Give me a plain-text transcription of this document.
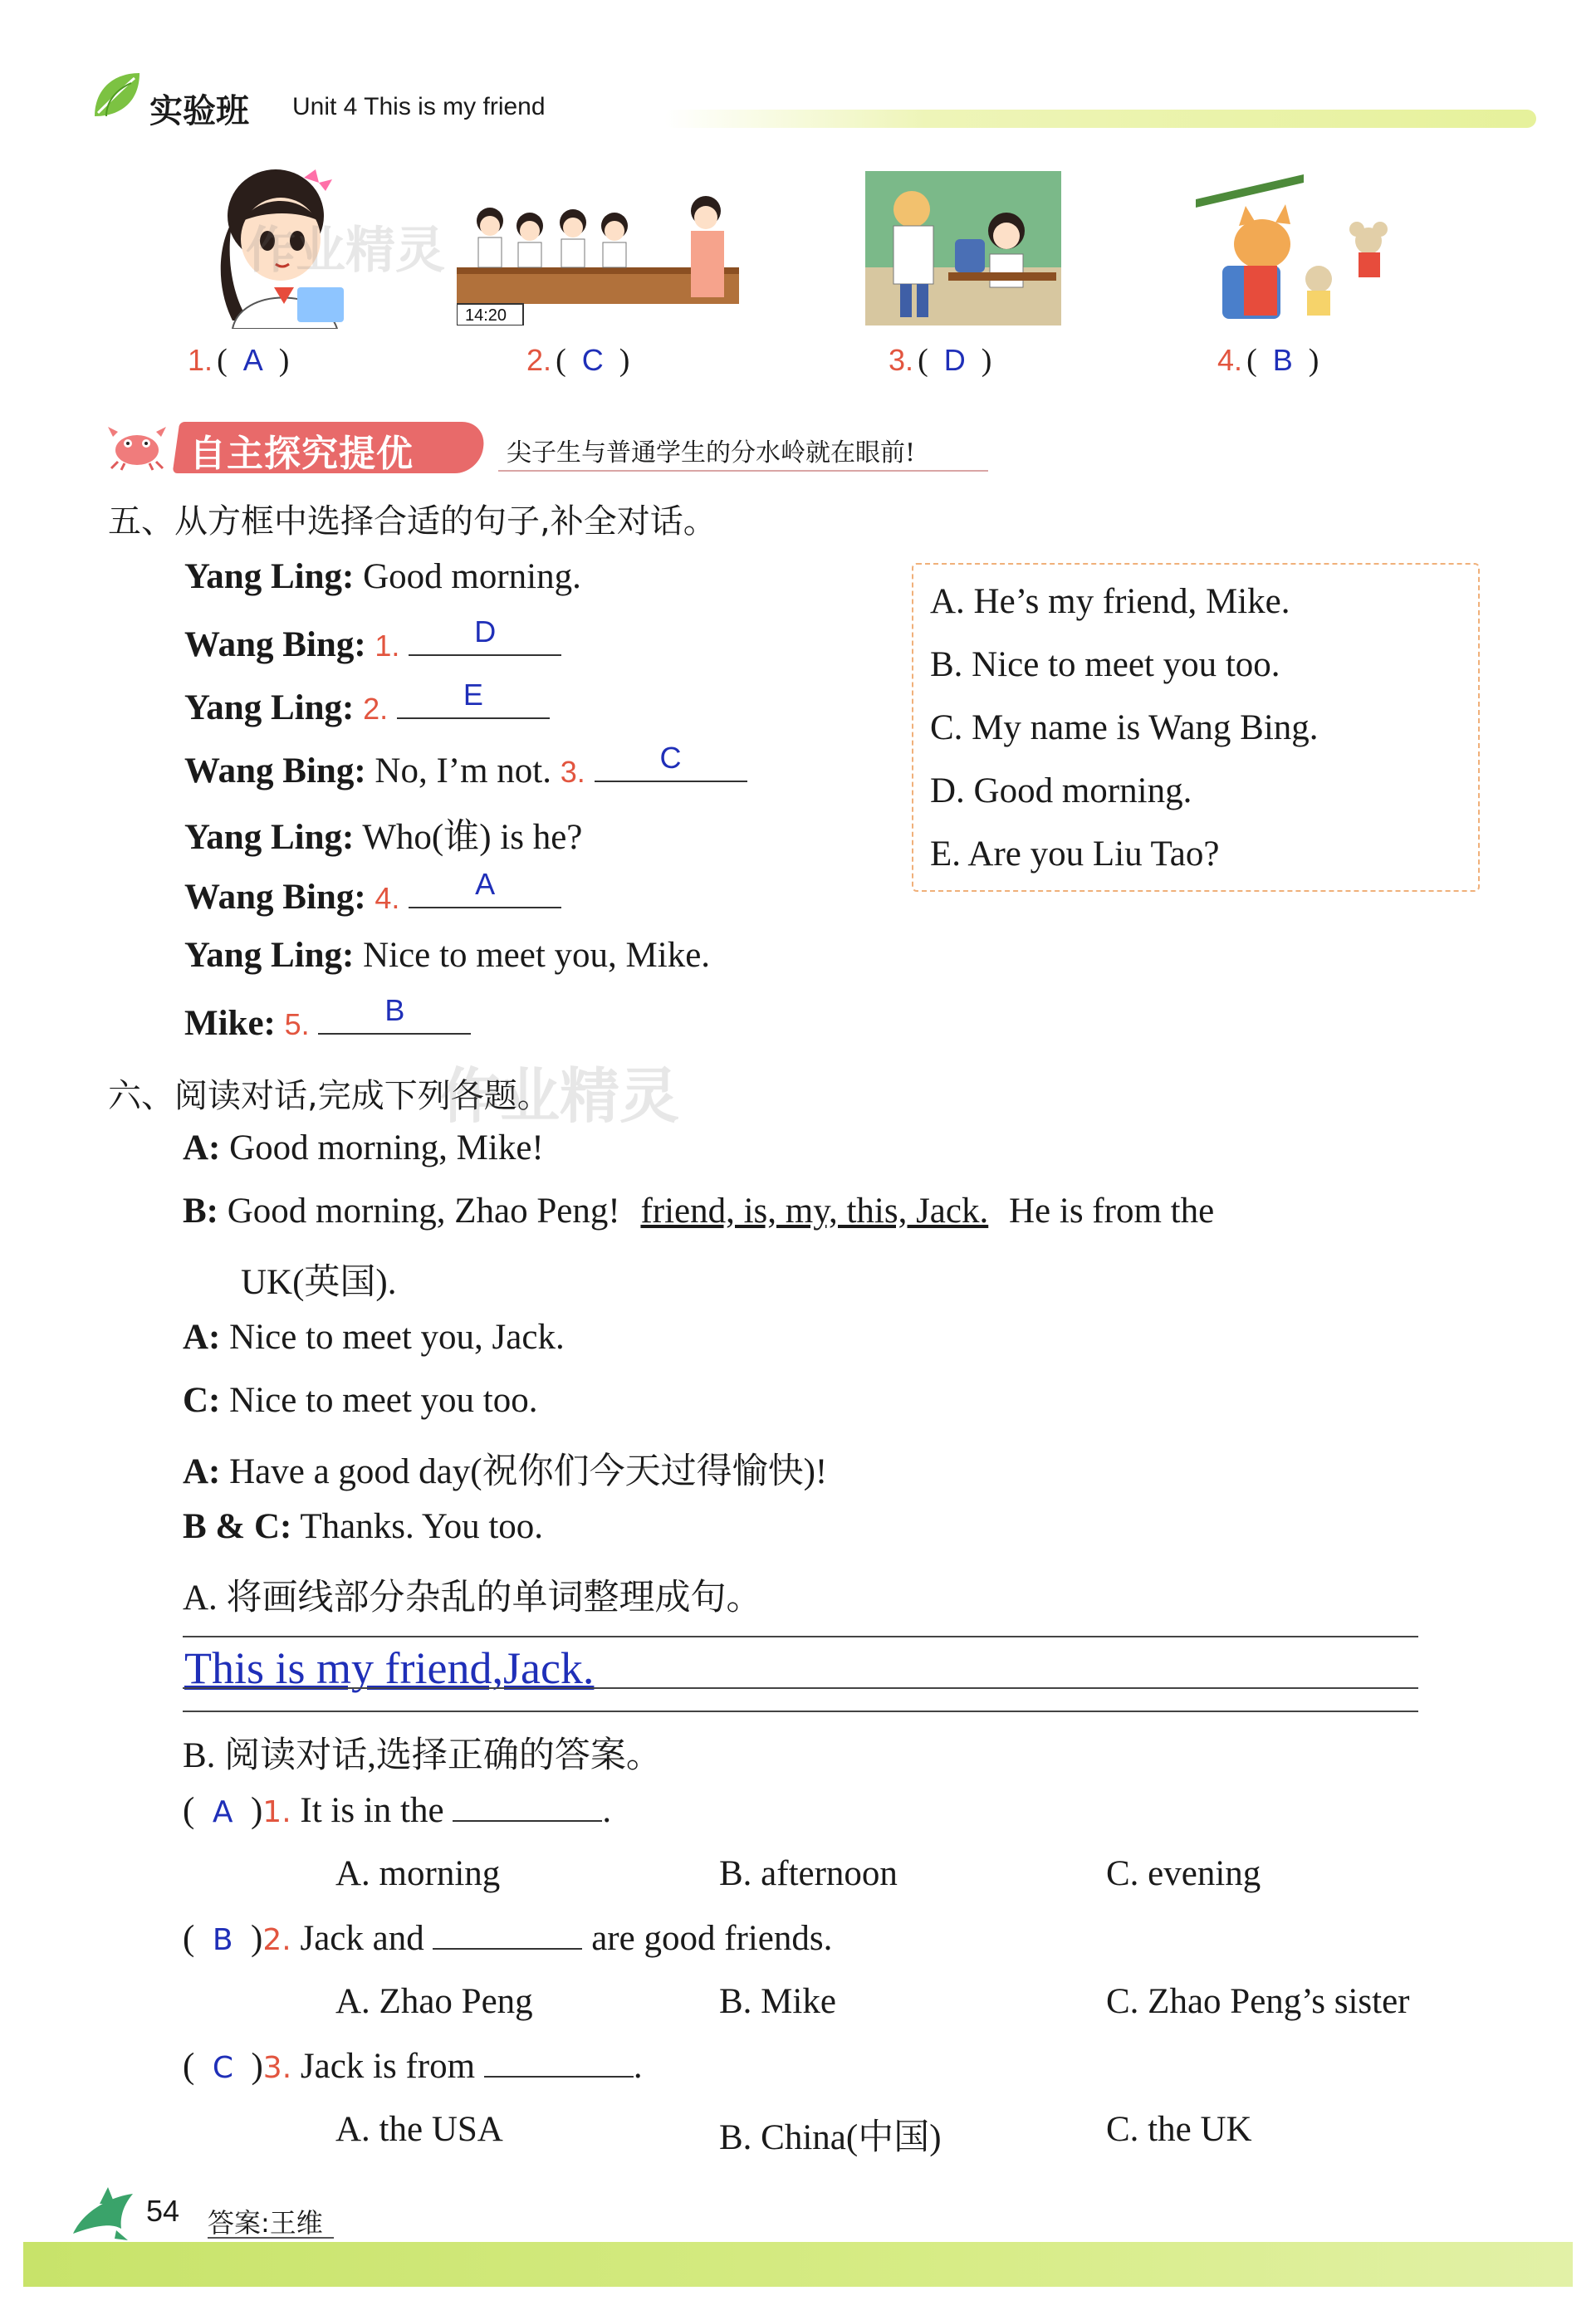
实验班 Unit 4 This is my friend
14:20
1. (  A  )	2. (  C  )	3. (  D  )	4. (  B  )
自主探究提优	尖子生与普通学生的分水岭就在眼前!
五、从方框中选择合适的句子,补全对话。
Yang Ling: Good morning.
Wang Bing: 1.	D
Yang Ling: 2.	E
Wang Bing: No, I’m not. 3.	C
Yang Ling: Who(谁) is he?
Wang Bing: 4.	A
Yang Ling: Nice to meet you, Mike.
Mike: 5.	B
A. He’s my friend, Mike.
B. Nice to meet you too.
C. My name is Wang Bing.
D. Good morning.
E. Are you Liu Tao?
六、阅读对话,完成下列各题。
A: Good morning, Mike!
B: Good morning, Zhao Peng! friend, is, my, this, Jack. He is from the
UK(英国).
A: Nice to meet you, Jack.
C: Nice to meet you too.
A: Have a good day(祝你们今天过得愉快)!
B & C: Thanks. You too.
A. 将画线部分杂乱的单词整理成句。
This is my friend,Jack.
B. 阅读对话,选择正确的答案。
(  A  )1. It is in the	.
A. morning	B. afternoon	C. evening
(  B  )2. Jack and	are good friends.
A. Zhao Peng	B. Mike	C. Zhao Peng’s sister
(  C  )3. Jack is from	.
A. the USA	B. China(中国)	C. the UK
作业精灵
作业精灵
54 答案:王维
